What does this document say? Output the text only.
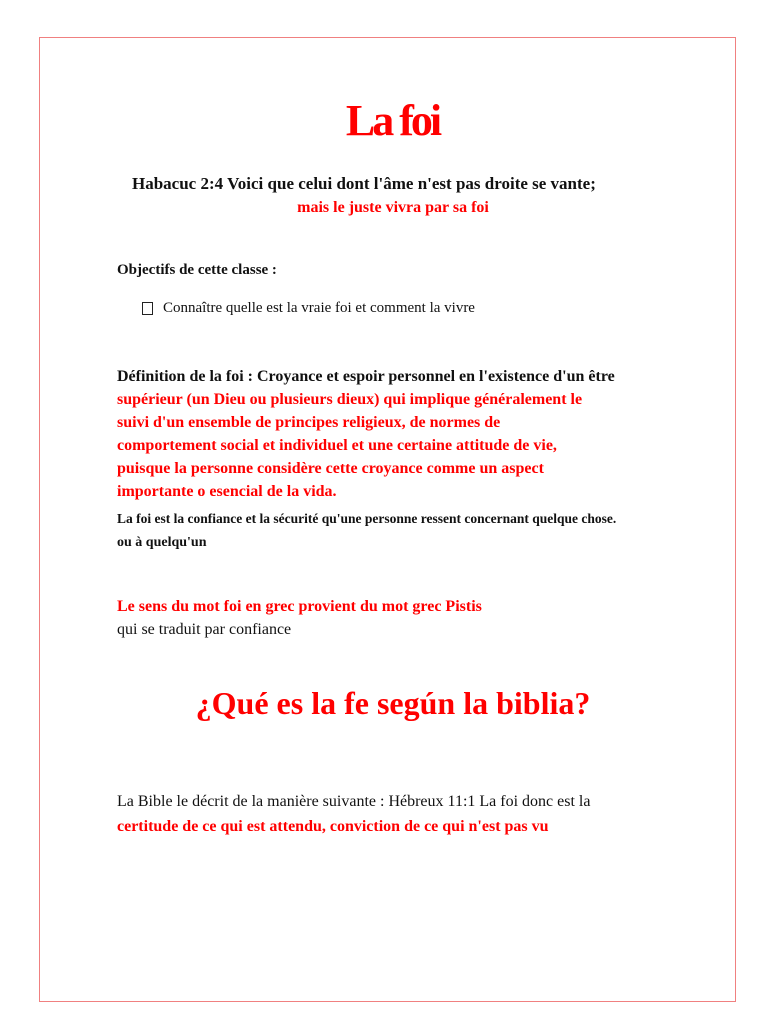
La foi
Habacuc 2:4 Voici que celui dont l'âme n'est pas droite se vante;
mais le juste vivra par sa foi
Objectifs de cette classe :
Connaître quelle est la vraie foi et comment la vivre
Définition de la foi : Croyance et espoir personnel en l'existence d'un être
supérieur (un Dieu ou plusieurs dieux) qui implique généralement le
suivi d'un ensemble de principes religieux, de normes de
comportement social et individuel et une certaine attitude de vie,
puisque la personne considère cette croyance comme un aspect
importante o esencial de la vida.
La foi est la confiance et la sécurité qu'une personne ressent concernant quelque chose.
ou à quelqu'un
Le sens du mot foi en grec provient du mot grec Pistis
qui se traduit par confiance
¿Qué es la fe según la biblia?
La Bible le décrit de la manière suivante : Hébreux 11:1 La foi donc est la
certitude de ce qui est attendu, conviction de ce qui n'est pas vu
